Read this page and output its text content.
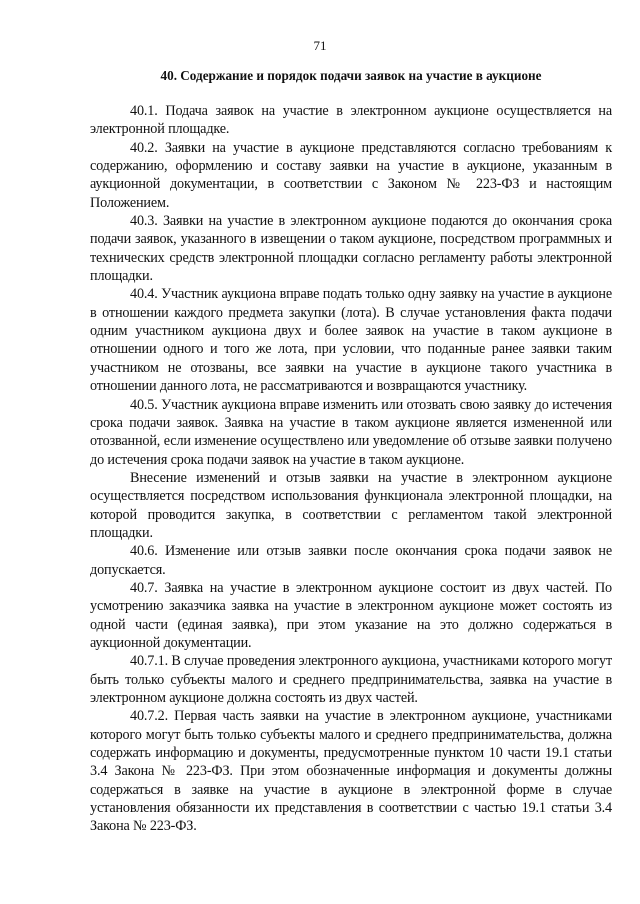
71
40. Содержание и порядок подачи заявок на участие в аукционе

40.1. Подача заявок на участие в электронном аукционе осуществляется на электронной площадке.

40.2. Заявки на участие в аукционе представляются согласно требованиям к содержанию, оформлению и составу заявки на участие в аукционе, указанным в аукционной документации, в соответствии с Законом № 223-ФЗ и настоящим Положением.

40.3. Заявки на участие в электронном аукционе подаются до окончания срока подачи заявок, указанного в извещении о таком аукционе, посредством программных и технических средств электронной площадки согласно регламенту работы электронной площадки.

40.4. Участник аукциона вправе подать только одну заявку на участие в аукционе в отношении каждого предмета закупки (лота). В случае установления факта подачи одним участником аукциона двух и более заявок на участие в таком аукционе в отношении одного и того же лота, при условии, что поданные ранее заявки таким участником не отозваны, все заявки на участие в аукционе такого участника в отношении данного лота, не рассматриваются и возвращаются участнику.

40.5. Участник аукциона вправе изменить или отозвать свою заявку до истечения срока подачи заявок. Заявка на участие в таком аукционе является измененной или отозванной, если изменение осуществлено или уведомление об отзыве заявки получено до истечения срока подачи заявок на участие в таком аукционе.

Внесение изменений и отзыв заявки на участие в электронном аукционе осуществляется посредством использования функционала электронной площадки, на которой проводится закупка, в соответствии с регламентом такой электронной площадки.

40.6. Изменение или отзыв заявки после окончания срока подачи заявок не допускается.

40.7. Заявка на участие в электронном аукционе состоит из двух частей. По усмотрению заказчика заявка на участие в электронном аукционе может состоять из одной части (единая заявка), при этом указание на это должно содержаться в аукционной документации.

40.7.1. В случае проведения электронного аукциона, участниками которого могут быть только субъекты малого и среднего предпринимательства, заявка на участие в электронном аукционе должна состоять из двух частей.

40.7.2. Первая часть заявки на участие в электронном аукционе, участниками которого могут быть только субъекты малого и среднего предпринимательства, должна содержать информацию и документы, предусмотренные пунктом 10 части 19.1 статьи 3.4 Закона № 223-ФЗ. При этом обозначенные информация и документы должны содержаться в заявке на участие в аукционе в электронной форме в случае установления обязанности их представления в соответствии с частью 19.1 статьи 3.4 Закона № 223-ФЗ.
